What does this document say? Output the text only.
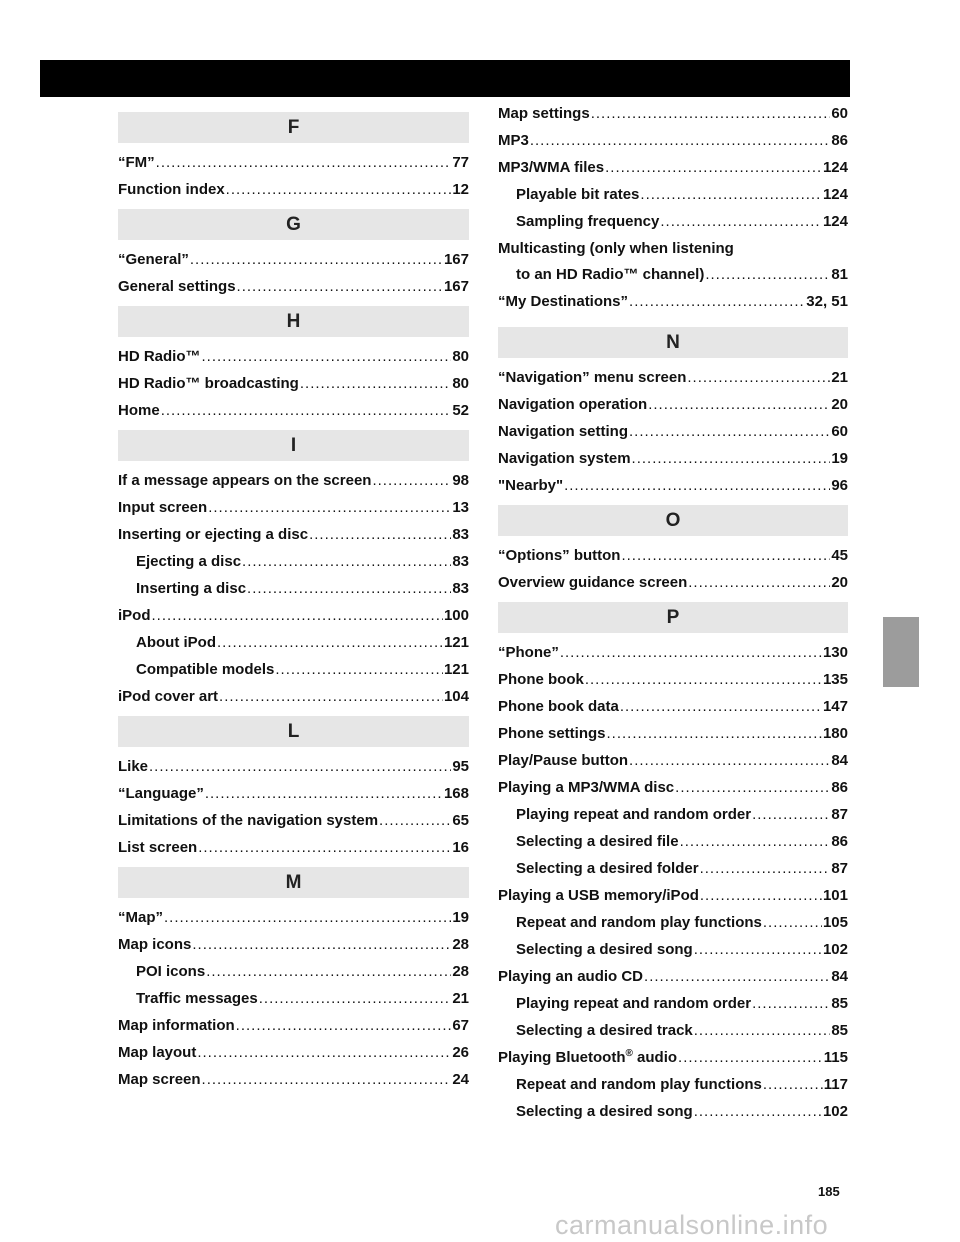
F
“FM” .....	77
Function index .....	12
G
“General” .....	167
General settings .....	167
H
HD Radio™ .....	80
HD Radio™ broadcasting .....	80
Home .....	52
I
If a message appears on the screen .....	98
Input screen .....	13
Inserting or ejecting a disc .....	83
Ejecting a disc .....	83
Inserting a disc .....	83
iPod .....	100
About iPod .....	121
Compatible models .....	121
iPod cover art .....	104
L
Like .....	95
“Language” .....	168
Limitations of the navigation system .....	65
List screen .....	16
M
“Map” .....	19
Map icons .....	28
POI icons .....	28
Traffic messages .....	21
Map information .....	67
Map layout .....	26
Map screen .....	24
Map settings .....	60
MP3 .....	86
MP3/WMA files .....	124
Playable bit rates .....	124
Sampling frequency .....	124
Multicasting (only when listening
to an HD Radio™ channel) .....	81
“My Destinations” .....	32, 51
N
“Navigation” menu screen .....	21
Navigation operation .....	20
Navigation setting .....	60
Navigation system .....	19
"Nearby" .....	96
O
“Options” button .....	45
Overview guidance screen .....	20
P
“Phone” .....	130
Phone book .....	135
Phone book data .....	147
Phone settings .....	180
Play/Pause button .....	84
Playing a MP3/WMA disc .....	86
Playing repeat and random order .....	87
Selecting a desired file .....	86
Selecting a desired folder .....	87
Playing a USB memory/iPod .....	101
Repeat and random play functions .....	105
Selecting a desired song .....	102
Playing an audio CD .....	84
Playing repeat and random order .....	85
Selecting a desired track .....	85
Playing Bluetooth® audio .....	115
Repeat and random play functions .....	117
Selecting a desired song .....	102
185
carmanualsonline.info
